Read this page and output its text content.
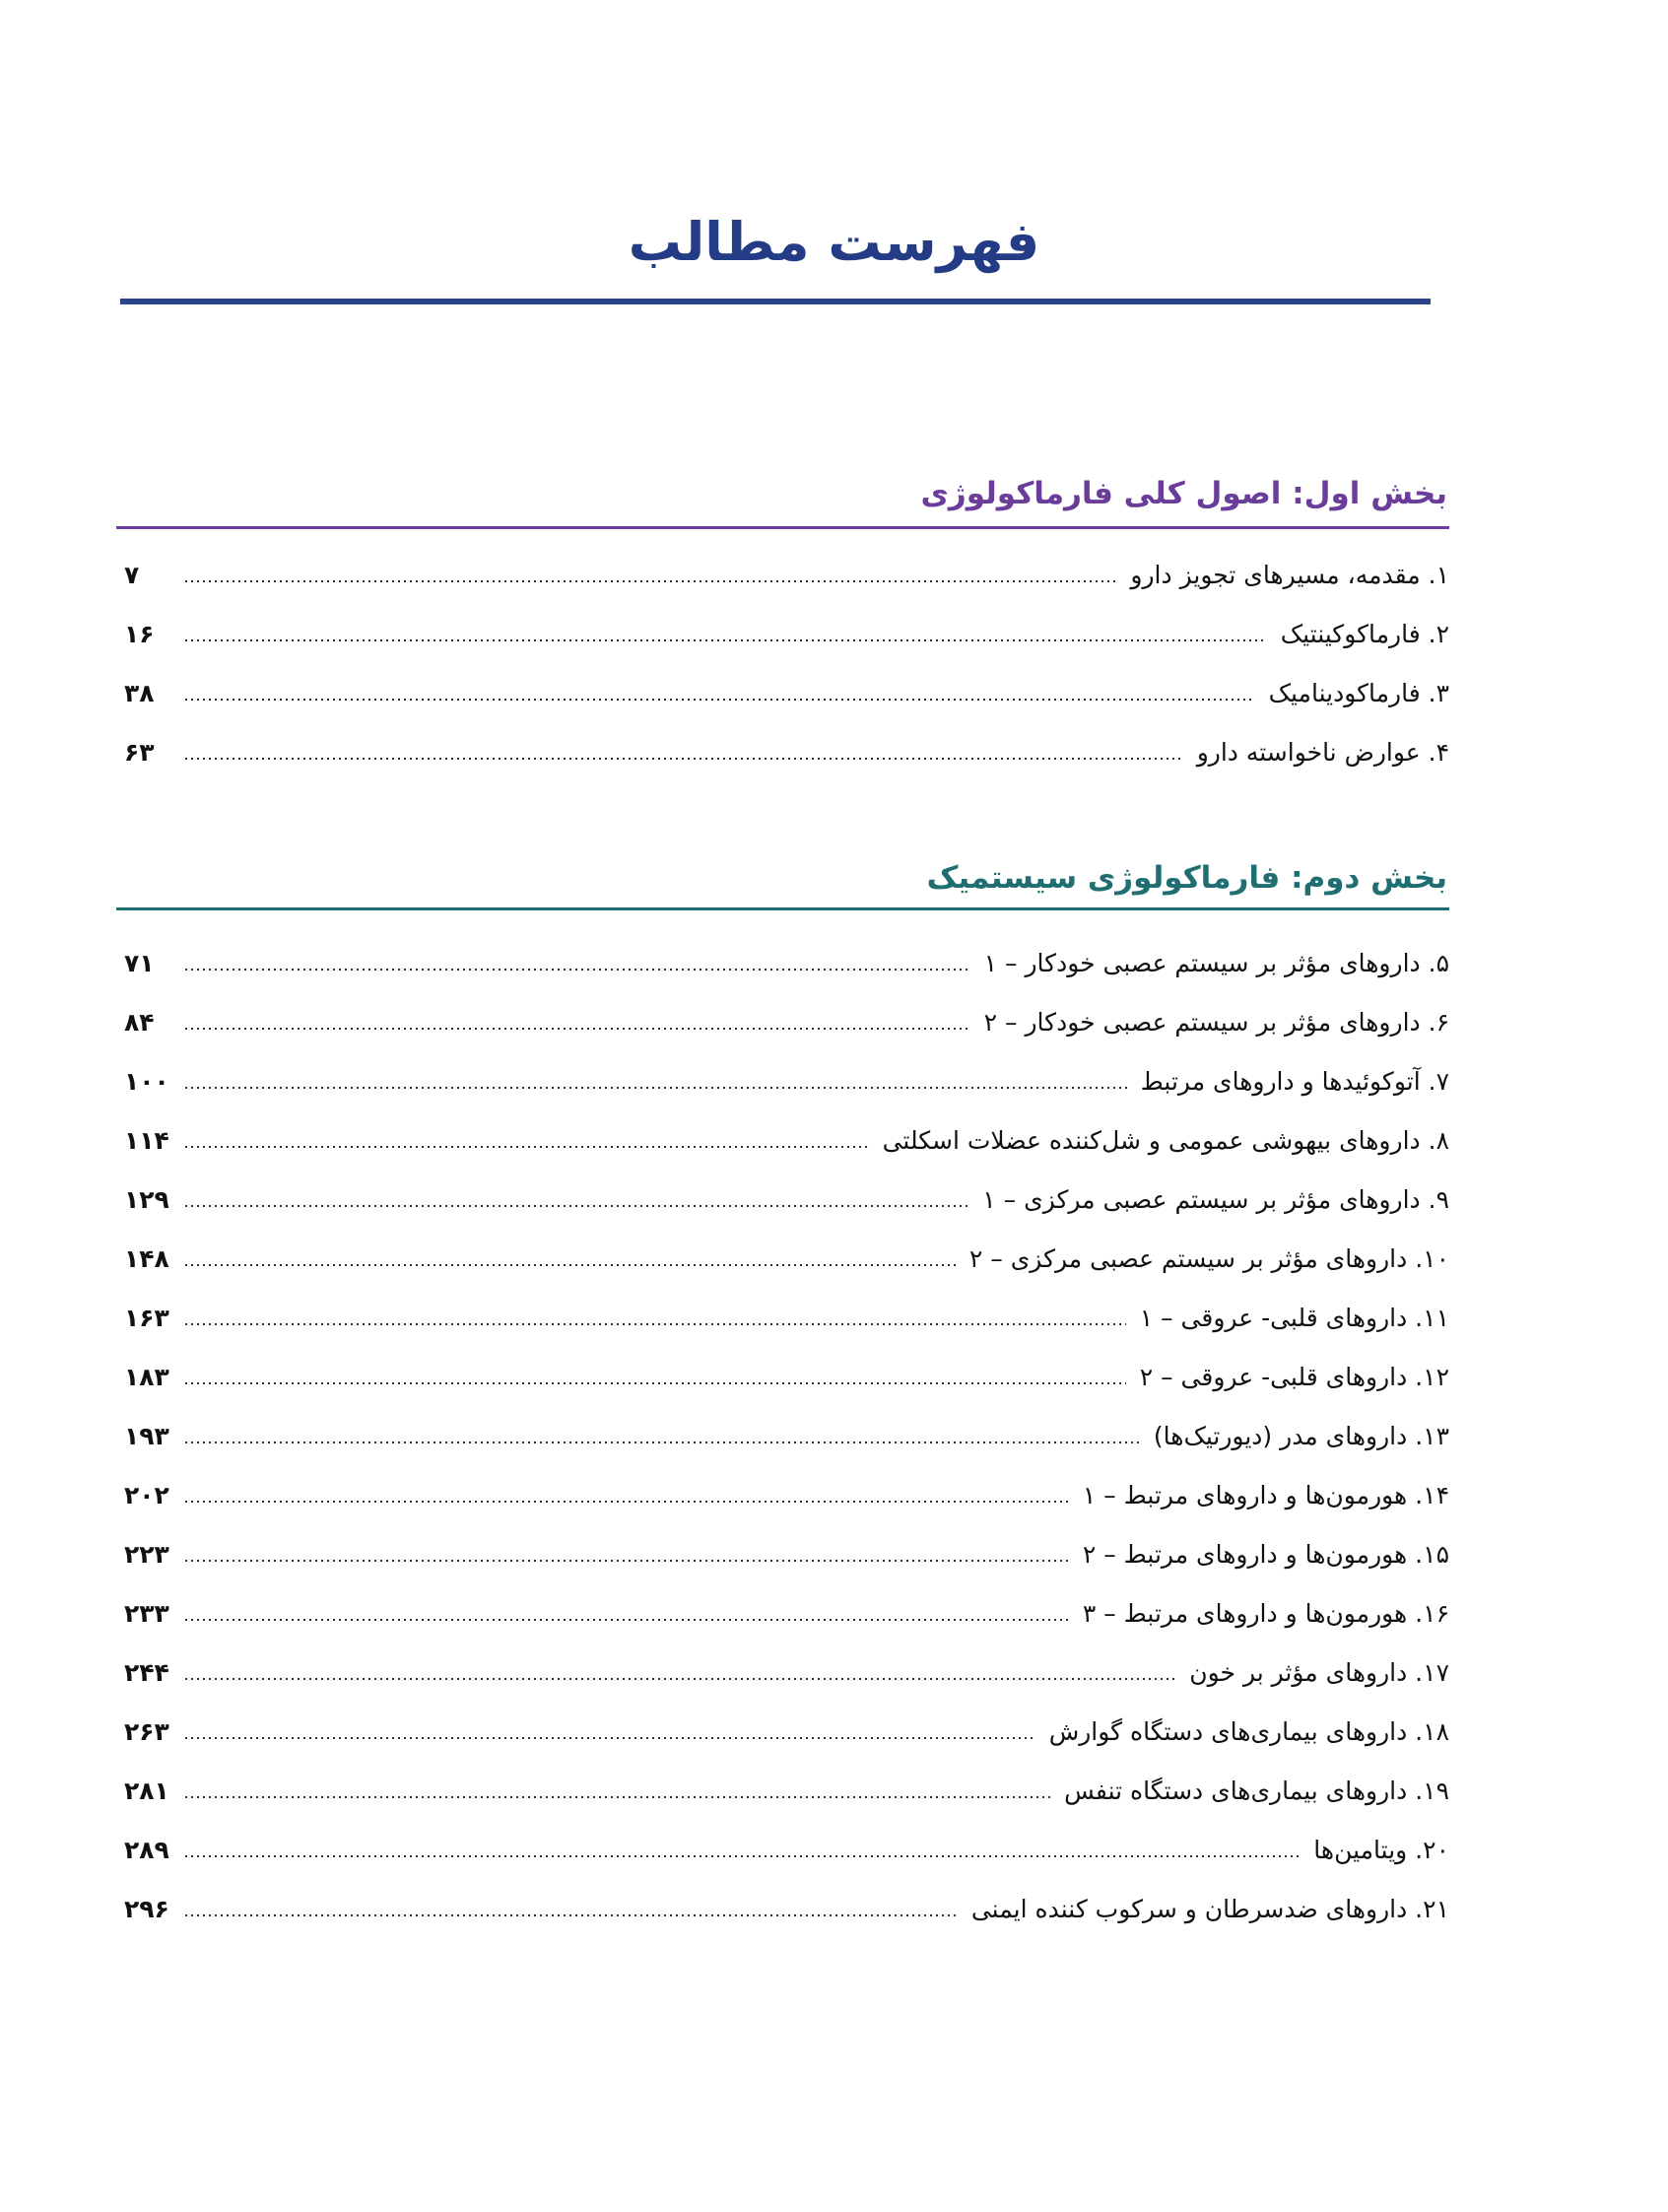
فهرست مطالب
بخش اول: اصول کلی فارماکولوژی
۱. مقدمه، مسیرهای تجویز دارو
۷
۲. فارماکوکینتیک
۱۶
۳. فارماکودینامیک
۳۸
۴. عوارض ناخواسته دارو
۶۳
بخش دوم: فارماکولوژی سیستمیک
۵. داروهای مؤثر بر سیستم عصبی خودکار – ۱
۷۱
۶. داروهای مؤثر بر سیستم عصبی خودکار – ۲
۸۴
۷. آتوکوئیدها و داروهای مرتبط
۱۰۰
۸. داروهای بیهوشی عمومی و شل‌کننده عضلات اسکلتی
۱۱۴
۹. داروهای مؤثر بر سیستم عصبی مرکزی – ۱
۱۲۹
۱۰. داروهای مؤثر بر سیستم عصبی مرکزی – ۲
۱۴۸
۱۱. داروهای قلبی- عروقی – ۱
۱۶۳
۱۲. داروهای قلبی- عروقی – ۲
۱۸۳
۱۳. داروهای مدر (دیورتیک‌ها)
۱۹۳
۱۴. هورمون‌ها و داروهای مرتبط – ۱
۲۰۲
۱۵. هورمون‌ها و داروهای مرتبط – ۲
۲۲۳
۱۶. هورمون‌ها و داروهای مرتبط – ۳
۲۳۳
۱۷. داروهای مؤثر بر خون
۲۴۴
۱۸. داروهای بیماری‌های دستگاه گوارش
۲۶۳
۱۹. داروهای بیماری‌های دستگاه تنفس
۲۸۱
۲۰. ویتامین‌ها
۲۸۹
۲۱. داروهای ضدسرطان و سرکوب کننده ایمنی
۲۹۶
